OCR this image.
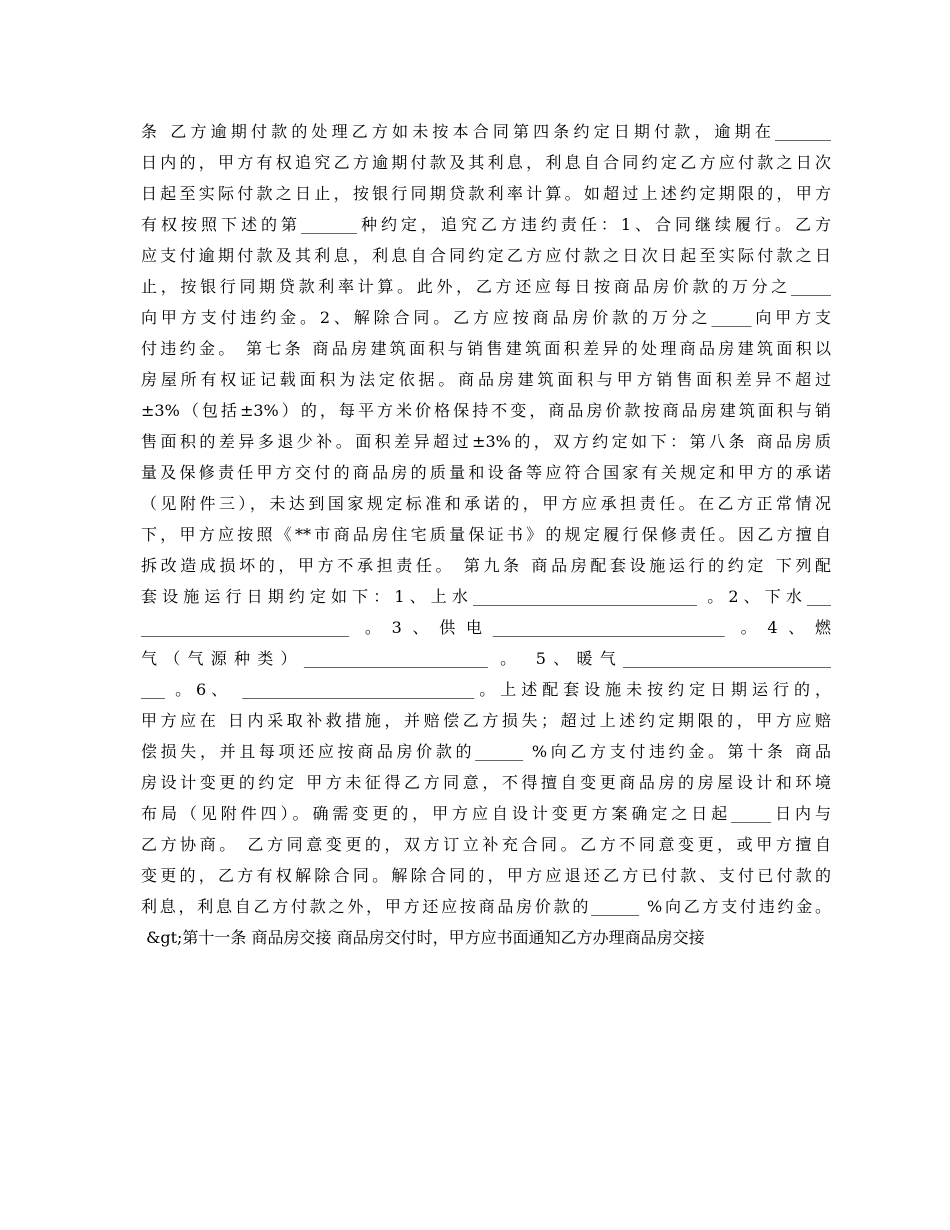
条 乙方逾期付款的处理乙方如未按本合同第四条约定日期付款，逾期在_______
日内的，甲方有权追究乙方逾期付款及其利息，利息自合同约定乙方应付款之日次
日起至实际付款之日止，按银行同期贷款利率计算。如超过上述约定期限的，甲方
有权按照下述的第_______种约定，追究乙方违约责任：1、合同继续履行。乙方
应支付逾期付款及其利息，利息自合同约定乙方应付款之日次日起至实际付款之日
止，按银行同期贷款利率计算。此外，乙方还应每日按商品房价款的万分之_____
向甲方支付违约金。2、解除合同。乙方应按商品房价款的万分之_____向甲方支
付违约金。 第七条 商品房建筑面积与销售建筑面积差异的处理商品房建筑面积以
房屋所有权证记载面积为法定依据。商品房建筑面积与甲方销售面积差异不超过
±3%（包括±3%）的，每平方米价格保持不变，商品房价款按商品房建筑面积与销
售面积的差异多退少补。面积差异超过±3%的，双方约定如下：第八条 商品房质
量及保修责任甲方交付的商品房的质量和设备等应符合国家有关规定和甲方的承诺
（见附件三），未达到国家规定标准和承诺的，甲方应承担责任。在乙方正常情况
下，甲方应按照《**市商品房住宅质量保证书》的规定履行保修责任。因乙方擅自
拆改造成损坏的，甲方不承担责任。 第九条 商品房配套设施运行的约定 下列配
套设施运行日期约定如下：1、上水____________________________ 。2、下水___
__________________________ 。3、供电_____________________________ 。4、燃
气（气源种类）_______________________ 。 5、暖气__________________________
___ 。6、 _____________________________。上述配套设施未按约定日期运行的，
甲方应在 日内采取补救措施，并赔偿乙方损失；超过上述约定期限的，甲方应赔
偿损失，并且每项还应按商品房价款的______ %向乙方支付违约金。第十条 商品
房设计变更的约定 甲方未征得乙方同意，不得擅自变更商品房的房屋设计和环境
布局（见附件四）。确需变更的，甲方应自设计变更方案确定之日起_____日内与
乙方协商。 乙方同意变更的，双方订立补充合同。乙方不同意变更，或甲方擅自
变更的，乙方有权解除合同。解除合同的，甲方应退还乙方已付款、支付已付款的
利息，利息自乙方付款之外，甲方还应按商品房价款的______ %向乙方支付违约金。
&gt;第十一条 商品房交接 商品房交付时，甲方应书面通知乙方办理商品房交接
